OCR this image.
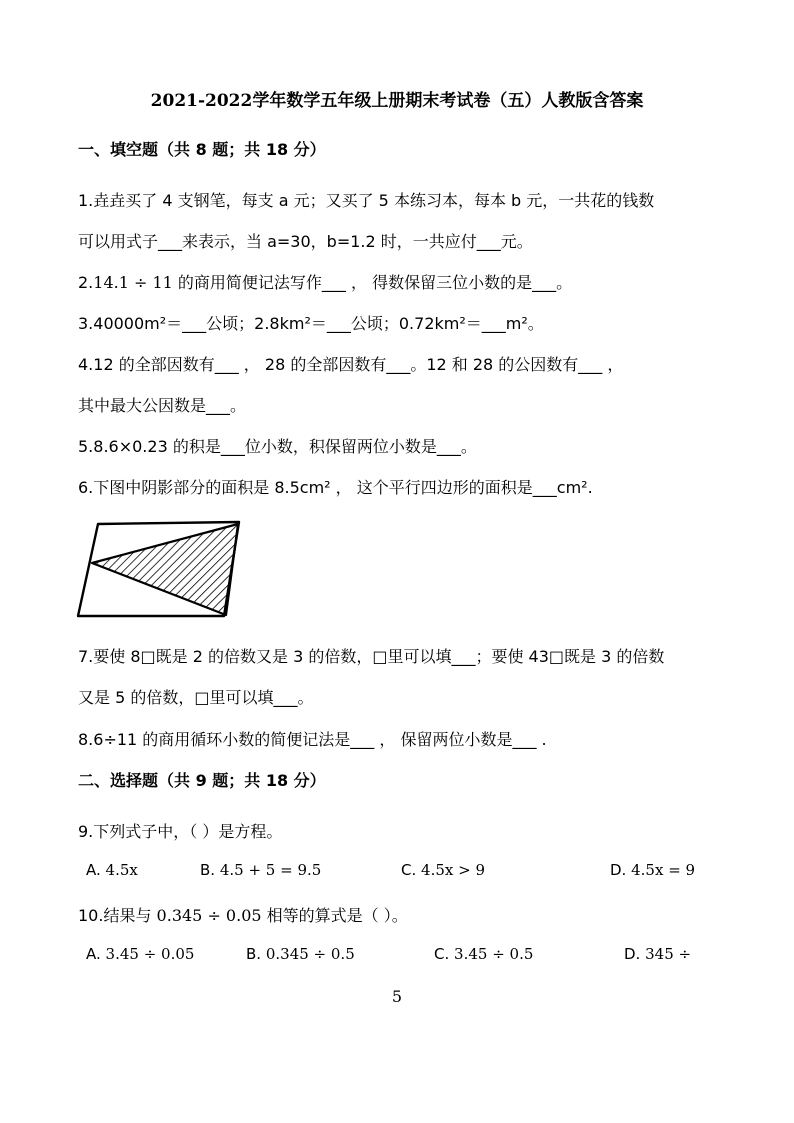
2021-2022学年数学五年级上册期末考试卷（五）人教版含答案
一、填空题（共 8 题；共 18 分）
1.垚垚买了 4 支钢笔，每支 a 元；又买了 5 本练习本，每本 b 元，一共花的钱数
可以用式子___来表示，当 a=30，b=1.2 时，一共应付___元。
2.14.1 ÷ 11 的商用简便记法写作___ ， 得数保留三位小数的是___。
3.40000m²＝___公顷；2.8km²＝___公顷；0.72km²＝___m²。
4.12 的全部因数有___ ， 28 的全部因数有___。12 和 28 的公因数有___ ，
其中最大公因数是___。
5.8.6×0.23 的积是___位小数，积保留两位小数是___。
6.下图中阴影部分的面积是 8.5cm² ， 这个平行四边形的面积是___cm².
7.要使 8□既是 2 的倍数又是 3 的倍数，□里可以填___；要使 43□既是 3 的倍数
又是 5 的倍数，□里可以填___。
8.6÷11 的商用循环小数的简便记法是___ ， 保留两位小数是___ .
二、选择题（共 9 题；共 18 分）
9.下列式子中，（ ）是方程。
A. 4.5x	B. 4.5 + 5 = 9.5	C. 4.5x > 9	D. 4.5x = 9
10.结果与 0.345 ÷ 0.05 相等的算式是（ ）。
A. 3.45 ÷ 0.05	B. 0.345 ÷ 0.5	C. 3.45 ÷ 0.5	D. 345 ÷
5
